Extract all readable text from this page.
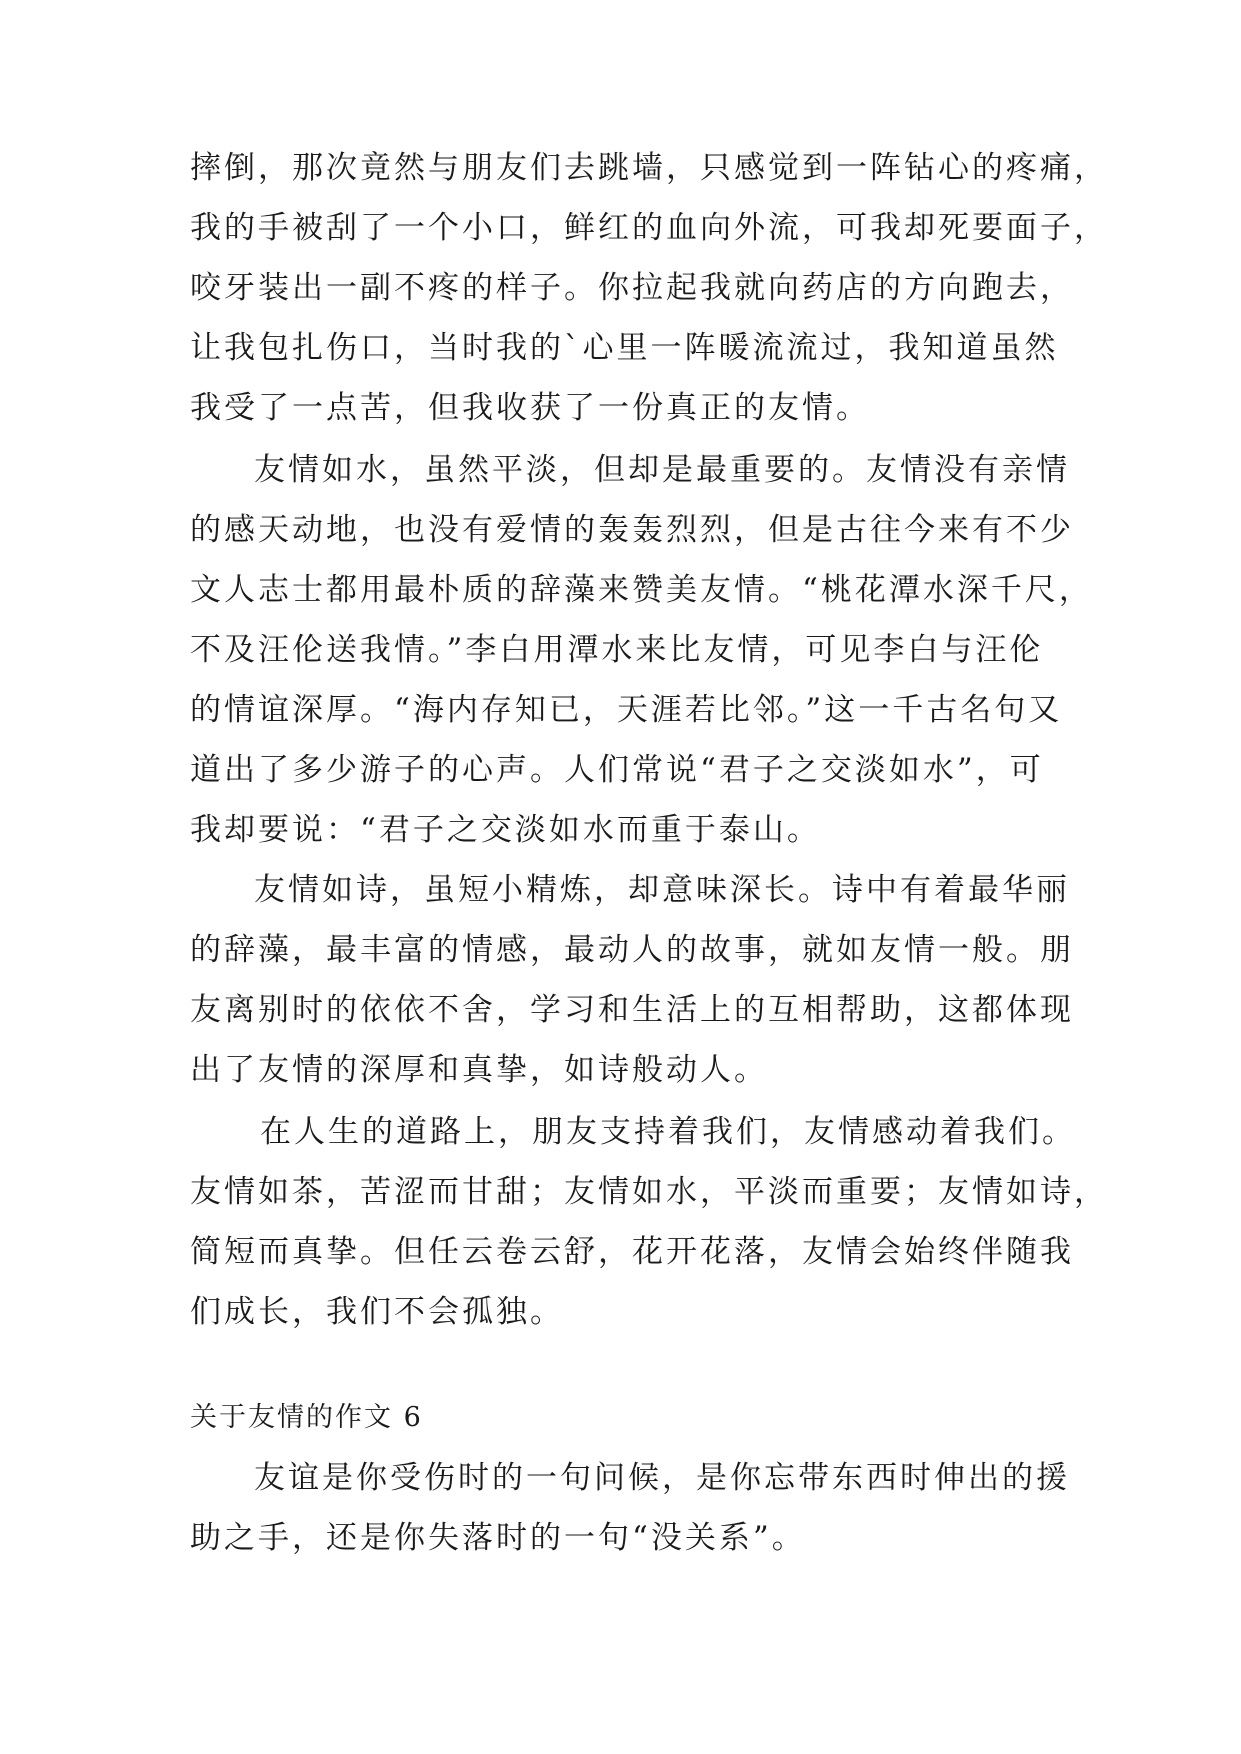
摔倒，那次竟然与朋友们去跳墙，只感觉到一阵钻心的疼痛，
我的手被刮了一个小口，鲜红的血向外流，可我却死要面子，
咬牙装出一副不疼的样子。你拉起我就向药店的方向跑去，
让我包扎伤口，当时我的`心里一阵暖流流过，我知道虽然
我受了一点苦，但我收获了一份真正的友情。
友情如水，虽然平淡，但却是最重要的。友情没有亲情
的感天动地，也没有爱情的轰轰烈烈，但是古往今来有不少
文人志士都用最朴质的辞藻来赞美友情。“桃花潭水深千尺，
不及汪伦送我情。”李白用潭水来比友情，可见李白与汪伦
的情谊深厚。“海内存知已，天涯若比邻。”这一千古名句又
道出了多少游子的心声。人们常说“君子之交淡如水”，可
我却要说：“君子之交淡如水而重于泰山。
友情如诗，虽短小精炼，却意味深长。诗中有着最华丽
的辞藻，最丰富的情感，最动人的故事，就如友情一般。朋
友离别时的依依不舍，学习和生活上的互相帮助，这都体现
出了友情的深厚和真挚，如诗般动人。
在人生的道路上，朋友支持着我们，友情感动着我们。
友情如茶，苦涩而甘甜；友情如水，平淡而重要；友情如诗，
简短而真挚。但任云卷云舒，花开花落，友情会始终伴随我
们成长，我们不会孤独。
关于友情的作文 6
友谊是你受伤时的一句问候，是你忘带东西时伸出的援
助之手，还是你失落时的一句“没关系”。
